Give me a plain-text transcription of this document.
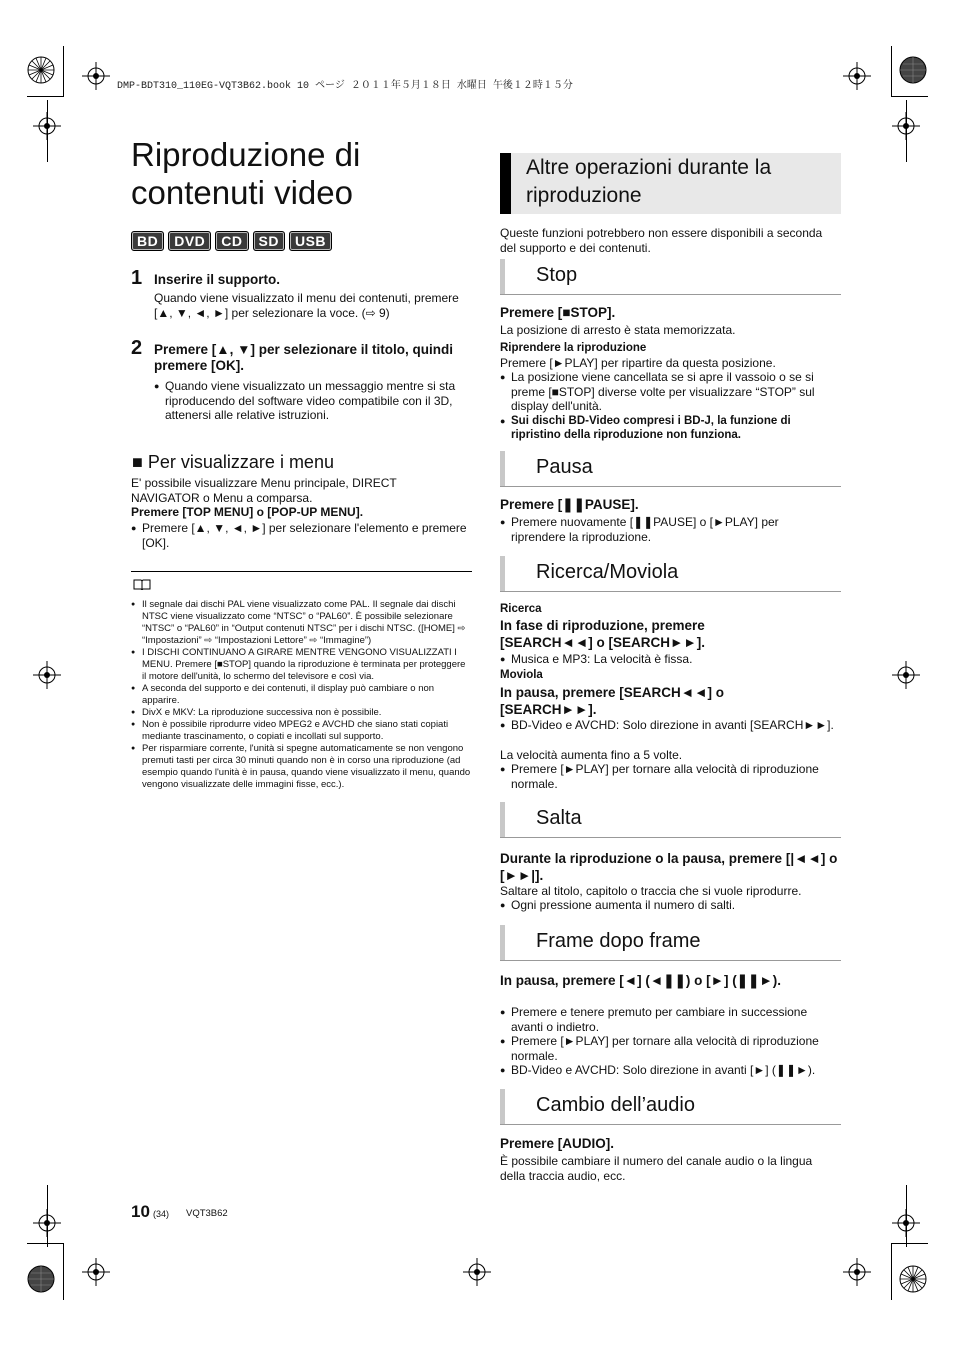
DMP-BDT310_110EG-VQT3B62.book 10 ページ ２０１１年５月１８日 水曜日 午後１２時１５分
Riproduzione di contenuti video
BD	DVD	CD	SD	USB
1 Inserire il supporto.
Quando viene visualizzato il menu dei contenuti, premere [▲, ▼, ◄, ►] per selezionare la voce. (⇨ 9)
2 Premere [▲, ▼] per selezionare il titolo, quindi premere [OK].
● Quando viene visualizzato un messaggio mentre si sta riproducendo del software video compatibile con il 3D, attenersi alle relative istruzioni.
■ Per visualizzare i menu
E' possibile visualizzare Menu principale, DIRECT NAVIGATOR o Menu a comparsa.
Premere [TOP MENU] o [POP-UP MENU].
● Premere [▲, ▼, ◄, ►] per selezionare l'elemento e premere [OK].
● Il segnale dai dischi PAL viene visualizzato come PAL. Il segnale dai dischi NTSC viene visualizzato come “NTSC” o “PAL60”. È possibile selezionare “NTSC” o “PAL60” in “Output contenuti NTSC” per i dischi NTSC. ([HOME] ⇨ “Impostazioni” ⇨ “Impostazioni Lettore” ⇨ “Immagine”)
● I DISCHI CONTINUANO A GIRARE MENTRE VENGONO VISUALIZZATI I MENU. Premere [■STOP] quando la riproduzione è terminata per proteggere il motore dell'unità, lo schermo del televisore e così via.
● A seconda del supporto e dei contenuti, il display può cambiare o non apparire.
● DivX e MKV: La riproduzione successiva non è possibile.
● Non è possibile riprodurre video MPEG2 e AVCHD che siano stati copiati mediante trascinamento, o copiati e incollati sul supporto.
● Per risparmiare corrente, l'unità si spegne automaticamente se non vengono premuti tasti per circa 30 minuti quando non è in corso una riproduzione (ad esempio quando l'unità è in pausa, quando viene visualizzato il menu, quando vengono visualizzate delle immagini fisse, ecc.).
Altre operazioni durante la riproduzione
Queste funzioni potrebbero non essere disponibili a seconda del supporto e dei contenuti.
Stop
Premere [■STOP].
La posizione di arresto è stata memorizzata.
Riprendere la riproduzione
Premere [►PLAY] per ripartire da questa posizione.
● La posizione viene cancellata se si apre il vassoio o se si preme [■STOP] diverse volte per visualizzare “STOP” sul display dell'unità.
● Sui dischi BD-Video compresi i BD-J, la funzione di ripristino della riproduzione non funziona.
Pausa
Premere [❚❚PAUSE].
● Premere nuovamente [❚❚PAUSE] o [►PLAY] per riprendere la riproduzione.
Ricerca/Moviola
Ricerca
In fase di riproduzione, premere [SEARCH◄◄] o [SEARCH►►].
● Musica e MP3: La velocità è fissa.
Moviola
In pausa, premere [SEARCH◄◄] o [SEARCH►►].
● BD-Video e AVCHD: Solo direzione in avanti [SEARCH►►].
La velocità aumenta fino a 5 volte.
● Premere [►PLAY] per tornare alla velocità di riproduzione normale.
Salta
Durante la riproduzione o la pausa, premere [|◄◄] o [►►|].
Saltare al titolo, capitolo o traccia che si vuole riprodurre.
● Ogni pressione aumenta il numero di salti.
Frame dopo frame
In pausa, premere [◄] (◄❚❚) o [►] (❚❚►).
● Premere e tenere premuto per cambiare in successione avanti o indietro.
● Premere [►PLAY] per tornare alla velocità di riproduzione normale.
● BD-Video e AVCHD: Solo direzione in avanti [►] (❚❚►).
Cambio dell’audio
Premere [AUDIO].
È possibile cambiare il numero del canale audio o la lingua della traccia audio, ecc.
10 (34) VQT3B62
